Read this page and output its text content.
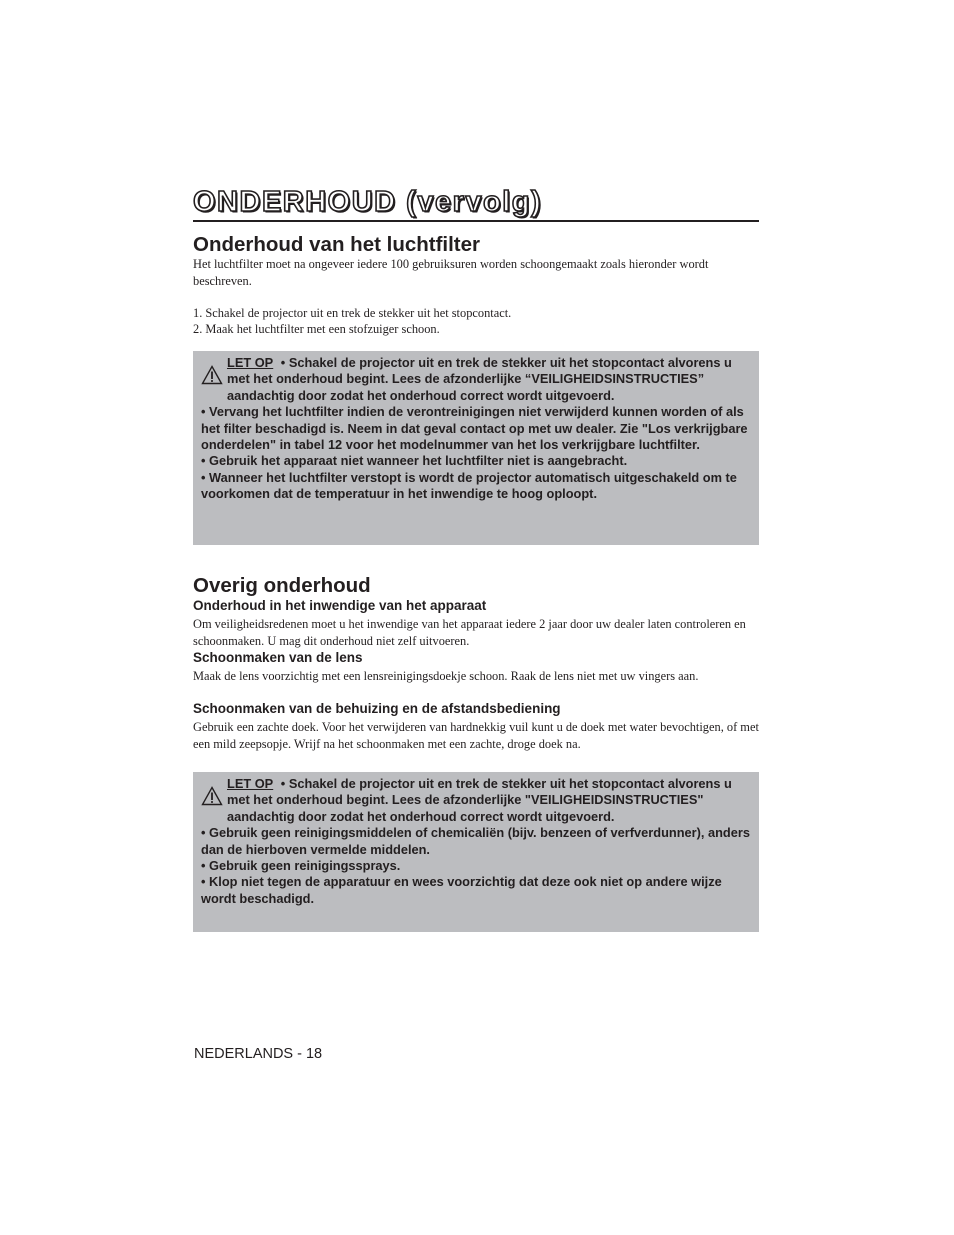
ONDERHOUD (vervolg)
Onderhoud van het luchtfilter

Het luchtfilter moet na ongeveer iedere 100 gebruiksuren worden schoongemaakt zoals hieronder wordt beschreven.

1. Schakel de projector uit en trek de stekker uit het stopcontact.

2. Maak het luchtfilter met een stofzuiger schoon.

LET OP • Schakel de projector uit en trek de stekker uit het stopcontact alvorens u met het onderhoud begint. Lees de afzonderlijke “VEILIGHEIDSINSTRUCTIES” aandachtig door zodat het onderhoud correct wordt uitgevoerd.

• Vervang het luchtfilter indien de verontreinigingen niet verwijderd kunnen worden of als het filter beschadigd is. Neem in dat geval contact op met uw dealer. Zie "Los verkrijgbare onderdelen" in tabel 12 voor het modelnummer van het los verkrijgbare luchtfilter.

• Gebruik het apparaat niet wanneer het luchtfilter niet is aangebracht.

• Wanneer het luchtfilter verstopt is wordt de projector automatisch uitgeschakeld om te voorkomen dat de temperatuur in het inwendige te hoog oploopt.

Overig onderhoud
Onderhoud in het inwendige van het apparaat

Om veiligheidsredenen moet u het inwendige van het apparaat iedere 2 jaar door uw dealer laten controleren en schoonmaken. U mag dit onderhoud niet zelf uitvoeren.

Schoonmaken van de lens

Maak de lens voorzichtig met een lensreinigingsdoekje schoon. Raak de lens niet met uw vingers aan.

Schoonmaken van de behuizing en de afstandsbediening

Gebruik een zachte doek. Voor het verwijderen van hardnekkig vuil kunt u de doek met water bevochtigen, of met een mild zeepsopje. Wrijf na het schoonmaken met een zachte, droge doek na.

LET OP • Schakel de projector uit en trek de stekker uit het stopcontact alvorens u met het onderhoud begint. Lees de afzonderlijke "VEILIGHEIDSINSTRUCTIES" aandachtig door zodat het onderhoud correct wordt uitgevoerd.

• Gebruik geen reinigingsmiddelen of chemicaliën (bijv. benzeen of verfverdunner), anders dan de hierboven vermelde middelen.

• Gebruik geen reinigingssprays.

• Klop niet tegen de apparatuur en wees voorzichtig dat deze ook niet op andere wijze wordt beschadigd.

NEDERLANDS - 18
